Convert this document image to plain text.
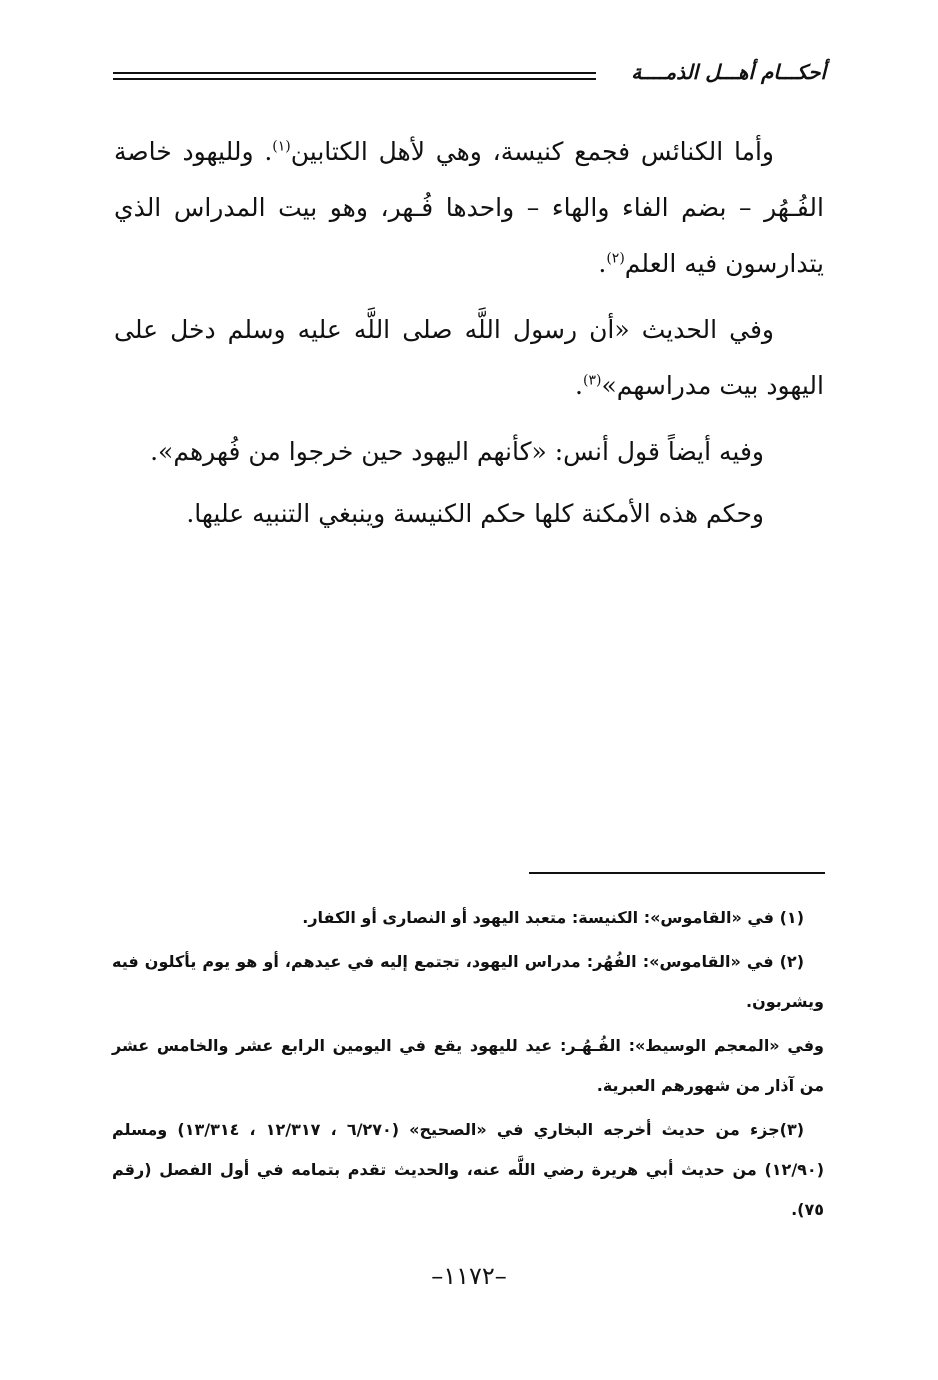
أحكـــام أهـــل الذمــــة

وأما الكنائس فجمع كنيسة، وهي لأهل الكتابين$^{(١)}$. ولليهود خاصة الفُـهُر – بضم الفاء والهاء – واحدها فُـهر، وهو بيت المدراس الذي يتدارسون فيه العلم$^{(٢)}$.

وفي الحديث «أن رسول اللَّه صلى اللَّه عليه وسلم دخل على اليهود بيت مدراسهم»$^{(٣)}$.

وفيه أيضاً قول أنس: «كأنهم اليهود حين خرجوا من فُهرهم».

وحكم هذه الأمكنة كلها حكم الكنيسة وينبغي التنبيه عليها.

(١) في «القاموس»: الكنيسة: متعبد اليهود أو النصارى أو الكفار.

(٢) في «القاموس»: الفُهُر: مدراس اليهود، تجتمع إليه في عيدهم، أو هو يوم يأكلون فيه ويشربون.

وفي «المعجم الوسيط»: الفُـهُـر: عيد لليهود يقع في اليومين الرابع عشر والخامس عشر من آذار من شهورهم العبرية.

(٣)جزء من حديث أخرجه البخاري في «الصحيح» (٦/٢٧٠ ، ١٢/٣١٧ ، ١٣/٣١٤) ومسلم (١٢/٩٠) من حديث أبي هريرة رضي اللَّه عنه، والحديث تقدم بتمامه في أول الفصل (رقم ٧٥).

–١١٧٢–
